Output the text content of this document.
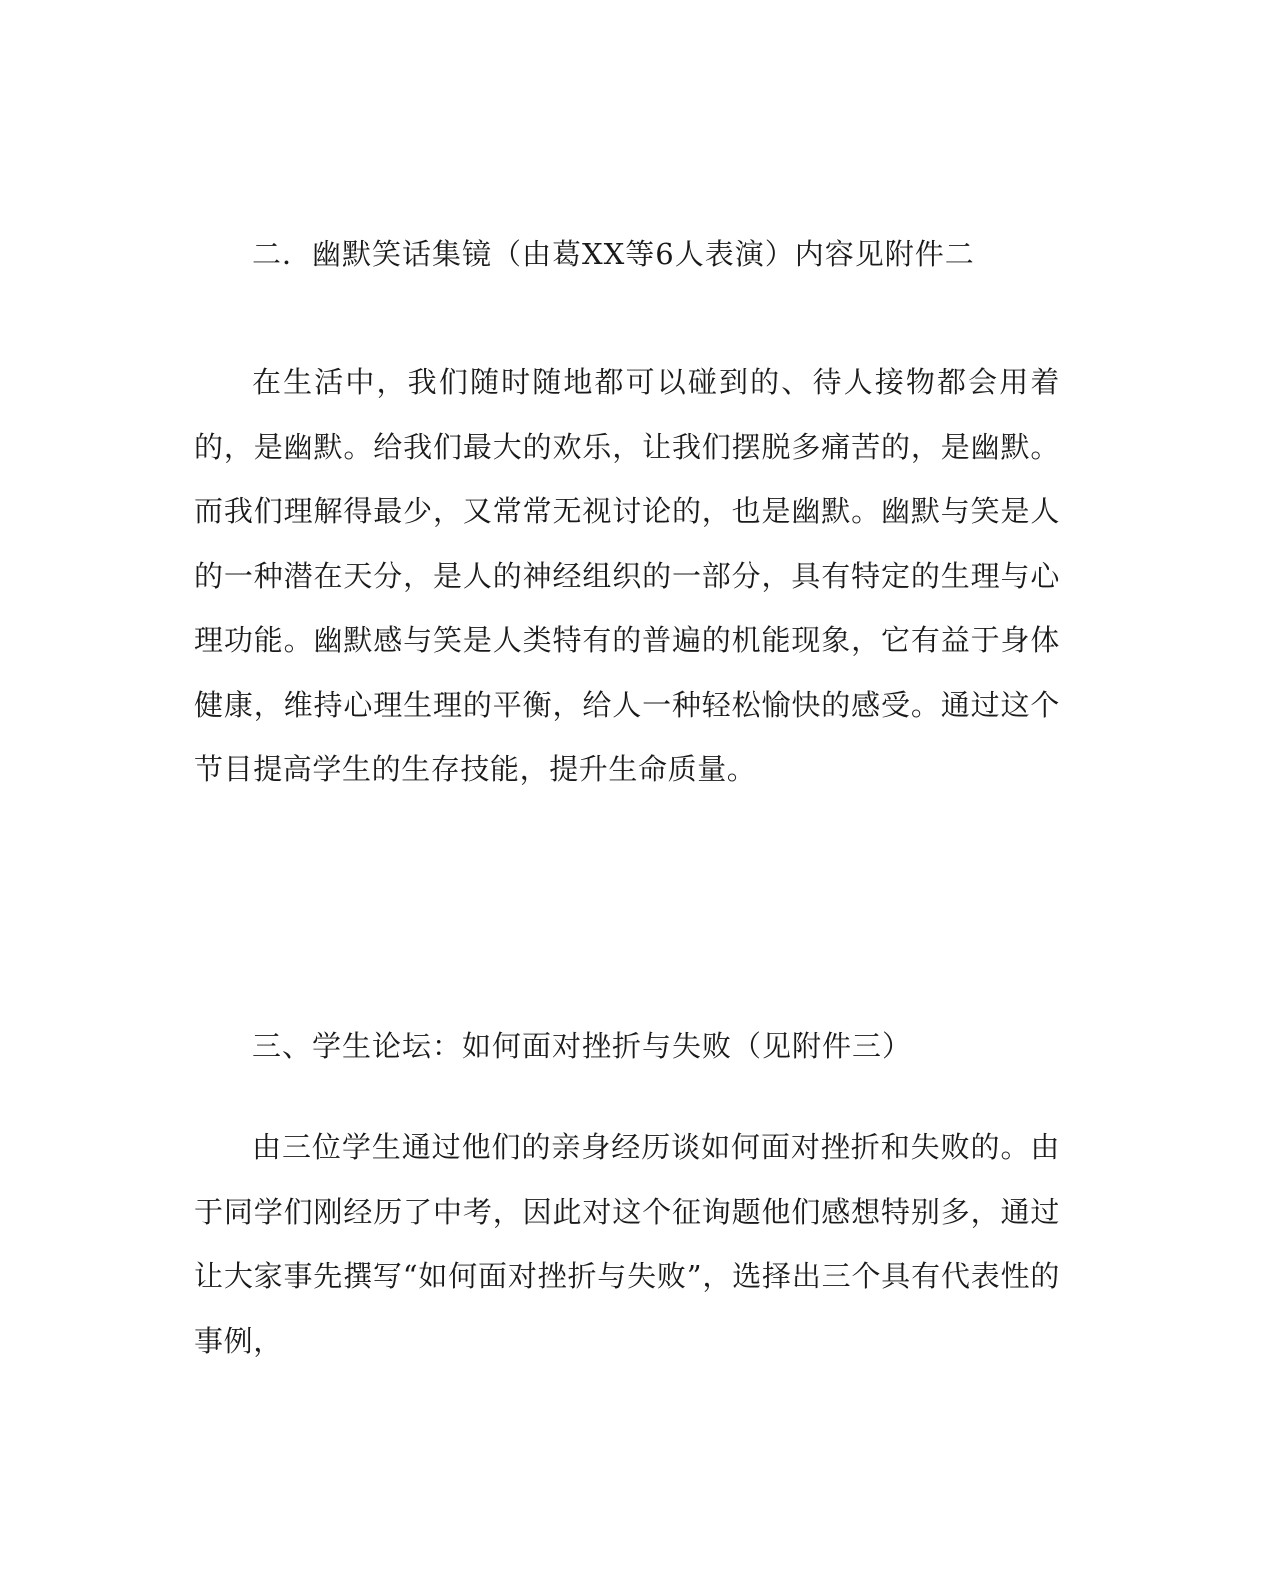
二．幽默笑话集镜（由葛XX等6人表演）内容见附件二

在生活中，我们随时随地都可以碰到的、待人接物都会用着的，是幽默。给我们最大的欢乐，让我们摆脱多痛苦的，是幽默。而我们理解得最少，又常常无视讨论的，也是幽默。幽默与笑是人的一种潜在天分，是人的神经组织的一部分，具有特定的生理与心理功能。幽默感与笑是人类特有的普遍的机能现象，它有益于身体健康，维持心理生理的平衡，给人一种轻松愉快的感受。通过这个节目提高学生的生存技能，提升生命质量。

三、学生论坛：如何面对挫折与失败（见附件三）

由三位学生通过他们的亲身经历谈如何面对挫折和失败的。由于同学们刚经历了中考，因此对这个征询题他们感想特别多，通过让大家事先撰写“如何面对挫折与失败”，选择出三个具有代表性的事例，
